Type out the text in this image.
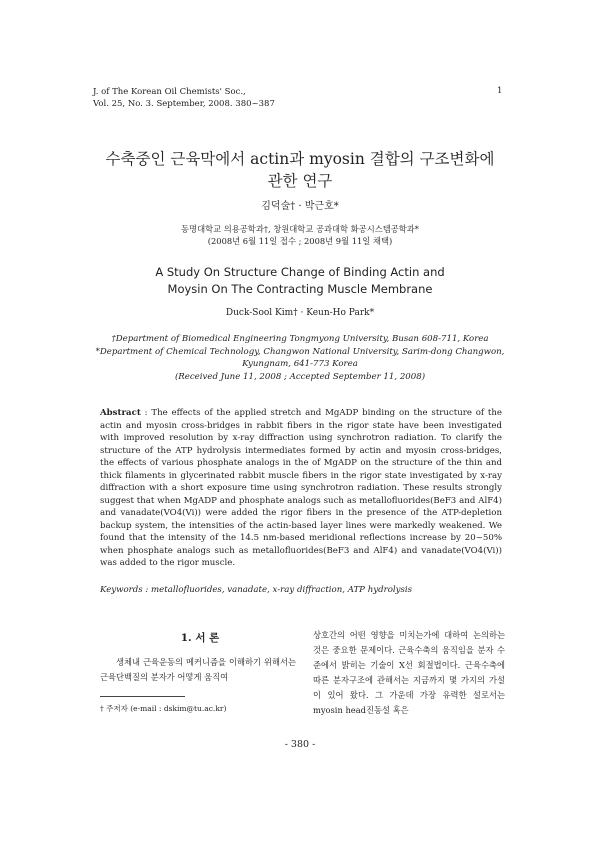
J. of The Korean Oil Chemists' Soc.,
Vol. 25, No. 3. September, 2008. 380~387
1
수축중인 근육막에서 actin과 myosin 결합의 구조변화에
관한 연구
김덕술† · 박근호*
동명대학교 의용공학과†, 창원대학교 공과대학 화공시스템공학과*
(2008년 6월 11일 접수 ; 2008년 9월 11일 채택)
A Study On Structure Change of Binding Actin and
Moysin On The Contracting Muscle Membrane
Duck-Sool Kim† · Keun-Ho Park*
†Department of Biomedical Engineering Tongmyong University, Busan 608-711, Korea
*Department of Chemical Technology, Changwon National University, Sarim-dong Changwon,
Kyungnam, 641-773 Korea
(Received June 11, 2008 ; Accepted September 11, 2008)
Abstract : The effects of the applied stretch and MgADP binding on the structure of the actin and myosin cross-bridges in rabbit fibers in the rigor state have been investigated with improved resolution by x-ray diffraction using synchrotron radiation. To clarify the structure of the ATP hydrolysis intermediates formed by actin and myosin cross-bridges, the effects of various phosphate analogs in the of MgADP on the structure of the thin and thick filaments in glycerinated rabbit muscle fibers in the rigor state investigated by x-ray diffraction with a short exposure time using synchrotron radiation. These results strongly suggest that when MgADP and phosphate analogs such as metallofluorides(BeF3 and AlF4) and vanadate(VO4(Vi)) were added the rigor fibers in the presence of the ATP-depletion backup system, the intensities of the actin-based layer lines were markedly weakened. We found that the intensity of the 14.5 nm-based meridional reflections increase by 20~50% when phosphate analogs such as metallofluorides(BeF3 and AlF4) and vanadate(VO4(Vi)) was added to the rigor muscle.
Keywords : metallofluorides, vanadate, x-ray diffraction, ATP hydrolysis
1. 서 론
생체내 근육운동의 메커니즘을 이해하기 위해서는 근육단백질의 분자가 어떻게 움직여
상호간의 어떤 영향을 미치는가에 대하여 논의하는 것은 중요한 문제이다. 근육수축의 움직임을 분자 수준에서 밝히는 기술이 X선 회절법이다. 근육수축에 따른 분자구조에 관해서는 지금까지 몇 가지의 가설이 있어 왔다. 그 가운데 가장 유력한 설로서는 myosin head진동설 혹은
† 주저자 (e-mail : dskim@tu.ac.kr)
- 380 -
